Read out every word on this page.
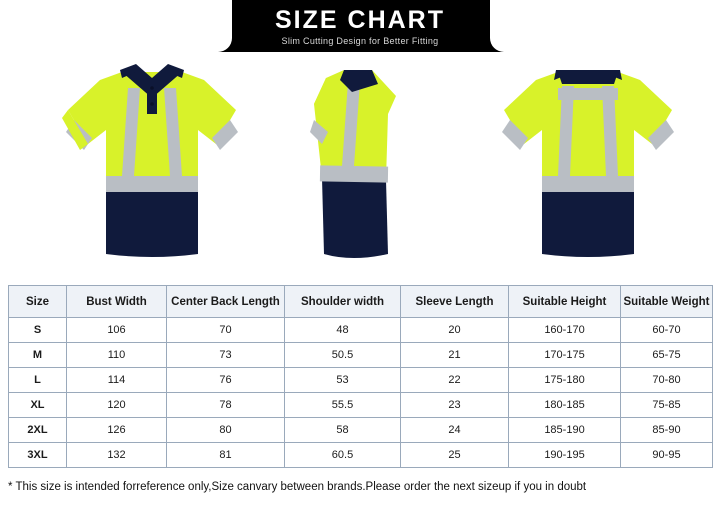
SIZE CHART
Slim Cutting Design for Better Fitting
Size	Bust Width	Center Back Length	Shoulder width	Sleeve Length	Suitable Height	Suitable Weight
S	106	70	48	20	160-170	60-70
M	110	73	50.5	21	170-175	65-75
L	114	76	53	22	175-180	70-80
XL	120	78	55.5	23	180-185	75-85
2XL	126	80	58	24	185-190	85-90
3XL	132	81	60.5	25	190-195	90-95
* This size is intended forreference only,Size canvary between brands.Please order the next sizeup if you in doubt
